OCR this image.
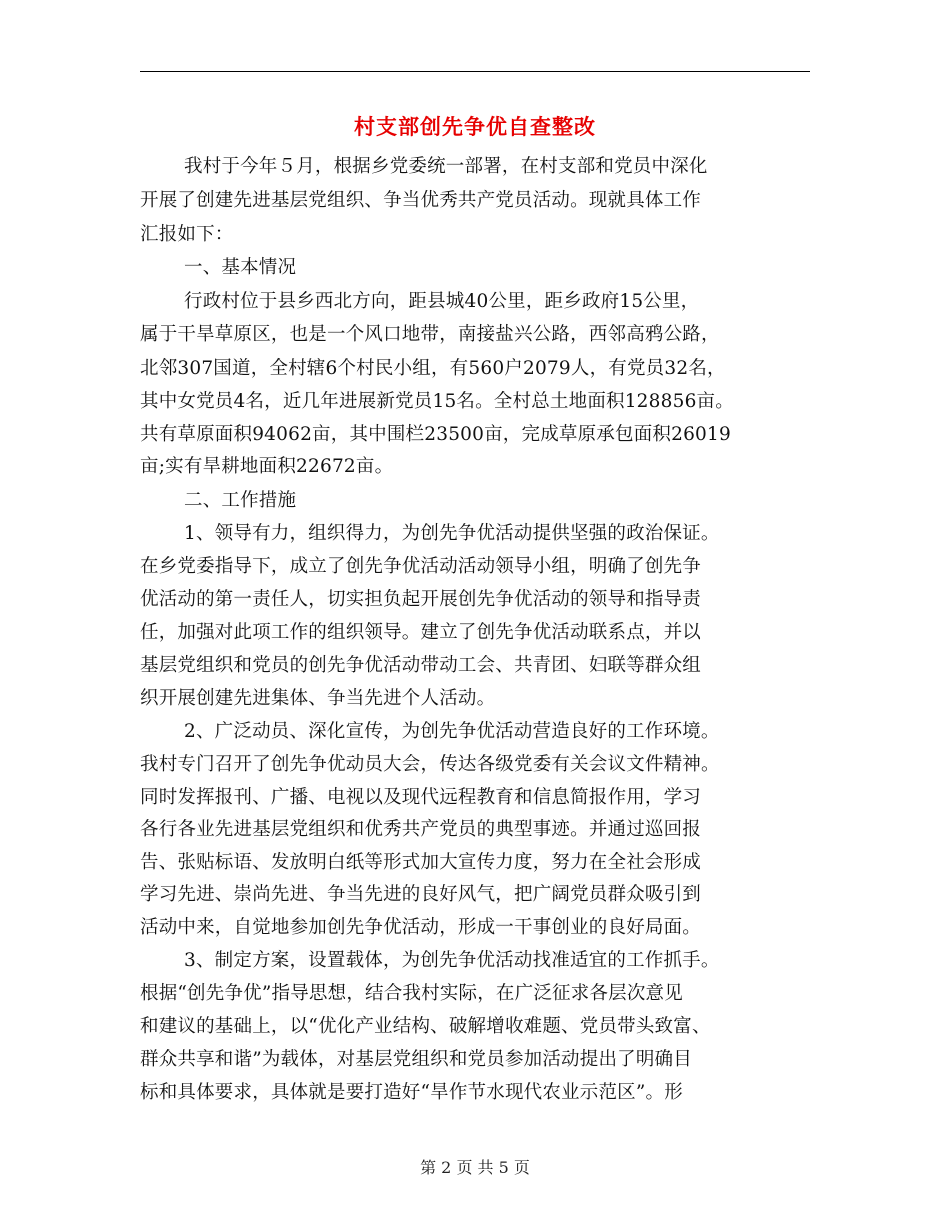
村支部创先争优自查整改
我村于今年５月，根据乡党委统一部署，在村支部和党员中深化
开展了创建先进基层党组织、争当优秀共产党员活动。现就具体工作
汇报如下：
一、基本情况
行政村位于县乡西北方向，距县城40公里，距乡政府15公里，
属于干旱草原区，也是一个风口地带，南接盐兴公路，西邻高鸦公路，
北邻307国道，全村辖6个村民小组，有560户2079人，有党员32名，
其中女党员4名，近几年进展新党员15名。全村总土地面积128856亩。
共有草原面积94062亩，其中围栏23500亩，完成草原承包面积26019
亩;实有旱耕地面积22672亩。
二、工作措施
1、领导有力，组织得力，为创先争优活动提供坚强的政治保证。
在乡党委指导下，成立了创先争优活动活动领导小组，明确了创先争
优活动的第一责任人，切实担负起开展创先争优活动的领导和指导责
任，加强对此项工作的组织领导。建立了创先争优活动联系点，并以
基层党组织和党员的创先争优活动带动工会、共青团、妇联等群众组
织开展创建先进集体、争当先进个人活动。
2、广泛动员、深化宣传，为创先争优活动营造良好的工作环境。
我村专门召开了创先争优动员大会，传达各级党委有关会议文件精神。
同时发挥报刊、广播、电视以及现代远程教育和信息简报作用，学习
各行各业先进基层党组织和优秀共产党员的典型事迹。并通过巡回报
告、张贴标语、发放明白纸等形式加大宣传力度，努力在全社会形成
学习先进、崇尚先进、争当先进的良好风气，把广阔党员群众吸引到
活动中来，自觉地参加创先争优活动，形成一干事创业的良好局面。
3、制定方案，设置载体，为创先争优活动找准适宜的工作抓手。
根据“创先争优”指导思想，结合我村实际，在广泛征求各层次意见
和建议的基础上，以“优化产业结构、破解增收难题、党员带头致富、
群众共享和谐”为载体，对基层党组织和党员参加活动提出了明确目
标和具体要求，具体就是要打造好“旱作节水现代农业示范区”。形
第 2 页 共 5 页
